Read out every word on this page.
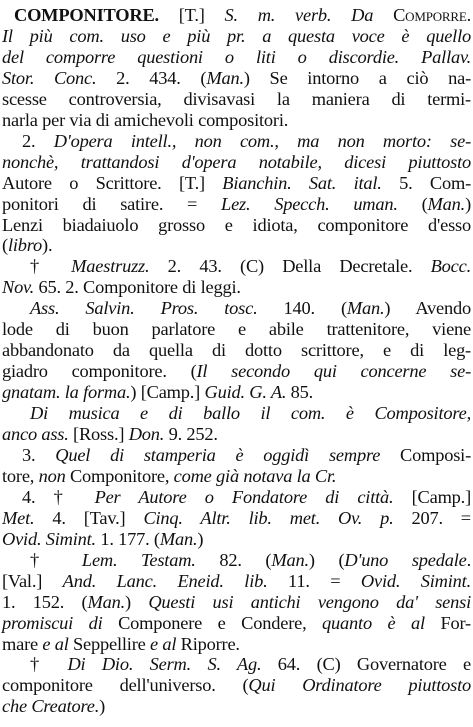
COMPONITORE. [T.] S. m. verb. Da Comporre.
Il più com. uso e più pr. a questa voce è quello
del comporre questioni o liti o discordie. Pallav.
Stor. Conc. 2. 434. (Man.) Se intorno a ciò na-
scesse controversia, divisavasi la maniera di termi-
narla per via di amichevoli compositori.
2. D'opera intell., non com., ma non morto: se-
nonchè, trattandosi d'opera notabile, dicesi piuttosto
Autore o Scrittore. [T.] Bianchin. Sat. ital. 5. Com-
ponitori di satire. = Lez. Specch. uman. (Man.)
Lenzi biadaiuolo grosso e idiota, componitore d'esso
(libro).
† Maestruzz. 2. 43. (C) Della Decretale. Bocc.
Nov. 65. 2. Componitore di leggi.
Ass. Salvin. Pros. tosc. 140. (Man.) Avendo
lode di buon parlatore e abile trattenitore, viene
abbandonato da quella di dotto scrittore, e di leg-
giadro componitore. (Il secondo qui concerne se-
gnatam. la forma.) [Camp.] Guid. G. A. 85.
Di musica e di ballo il com. è Compositore,
anco ass. [Ross.] Don. 9. 252.
3. Quel di stamperia è oggidì sempre Composi-
tore, non Componitore, come già notava la Cr.
4. † Per Autore o Fondatore di città. [Camp.]
Met. 4. [Tav.] Cinq. Altr. lib. met. Ov. p. 207. =
Ovid. Simint. 1. 177. (Man.)
† Lem. Testam. 82. (Man.) (D'uno spedale.
[Val.] And. Lanc. Eneid. lib. 11. = Ovid. Simint.
1. 152. (Man.) Questi usi antichi vengono da' sensi
promiscui di Componere e Condere, quanto è al For-
mare e al Seppellire e al Riporre.
† Di Dio. Serm. S. Ag. 64. (C) Governatore e
componitore dell'universo. (Qui Ordinatore piuttosto
che Creatore.)
